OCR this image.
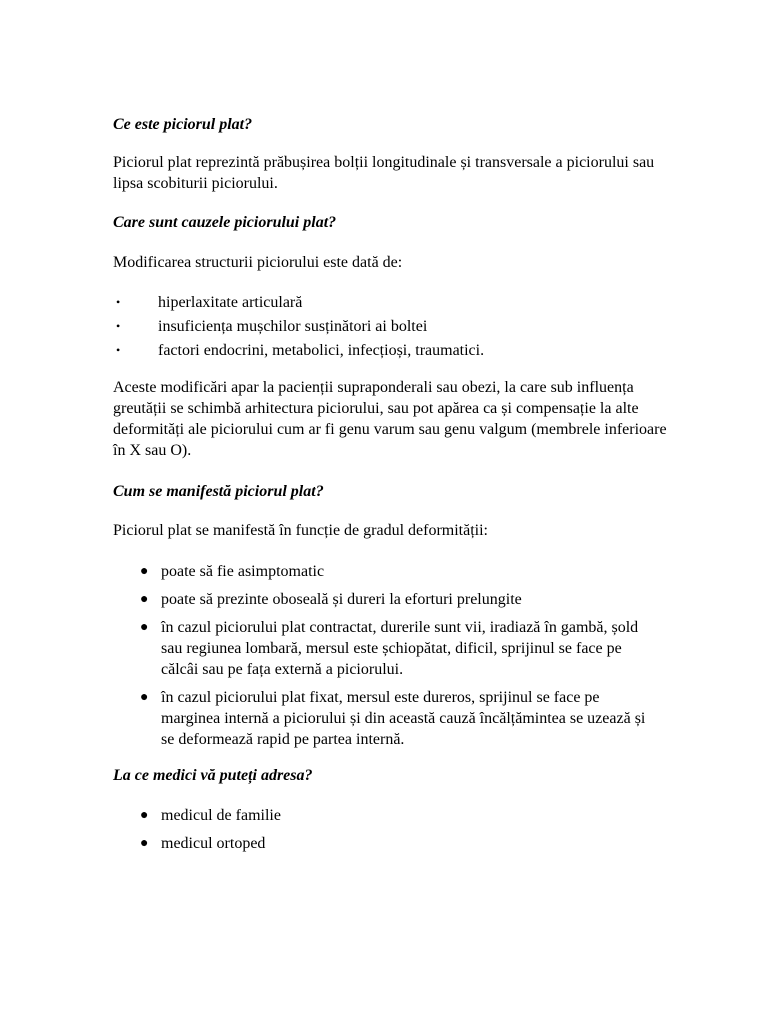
Ce este piciorul plat?

Piciorul plat reprezintă prăbușirea bolții longitudinale și transversale a piciorului sau lipsa scobiturii piciorului.

Care sunt cauzele piciorului plat?

Modificarea structurii piciorului este dată de:

• hiperlaxitate articulară
• insuficiența mușchilor susținători ai boltei
• factori endocrini, metabolici, infecțioși, traumatici.

Aceste modificări apar la pacienții supraponderali sau obezi, la care sub influența greutății se schimbă arhitectura piciorului, sau pot apărea ca și compensație la alte deformități ale piciorului cum ar fi genu varum sau genu valgum (membrele inferioare în X sau O).

Cum se manifestă piciorul plat?

Piciorul plat se manifestă în funcție de gradul deformității:

● poate să fie asimptomatic
● poate să prezinte oboseală și dureri la eforturi prelungite
● în cazul piciorului plat contractat, durerile sunt vii, iradiază în gambă, șold sau regiunea lombară, mersul este șchiopătat, dificil, sprijinul se face pe călcâi sau pe fața externă a piciorului.
● în cazul piciorului plat fixat, mersul este dureros, sprijinul se face pe marginea internă a piciorului și din această cauză încălțămintea se uzează și se deformează rapid pe partea internă.

La ce medici vă puteți adresa?

● medicul de familie
● medicul ortoped
